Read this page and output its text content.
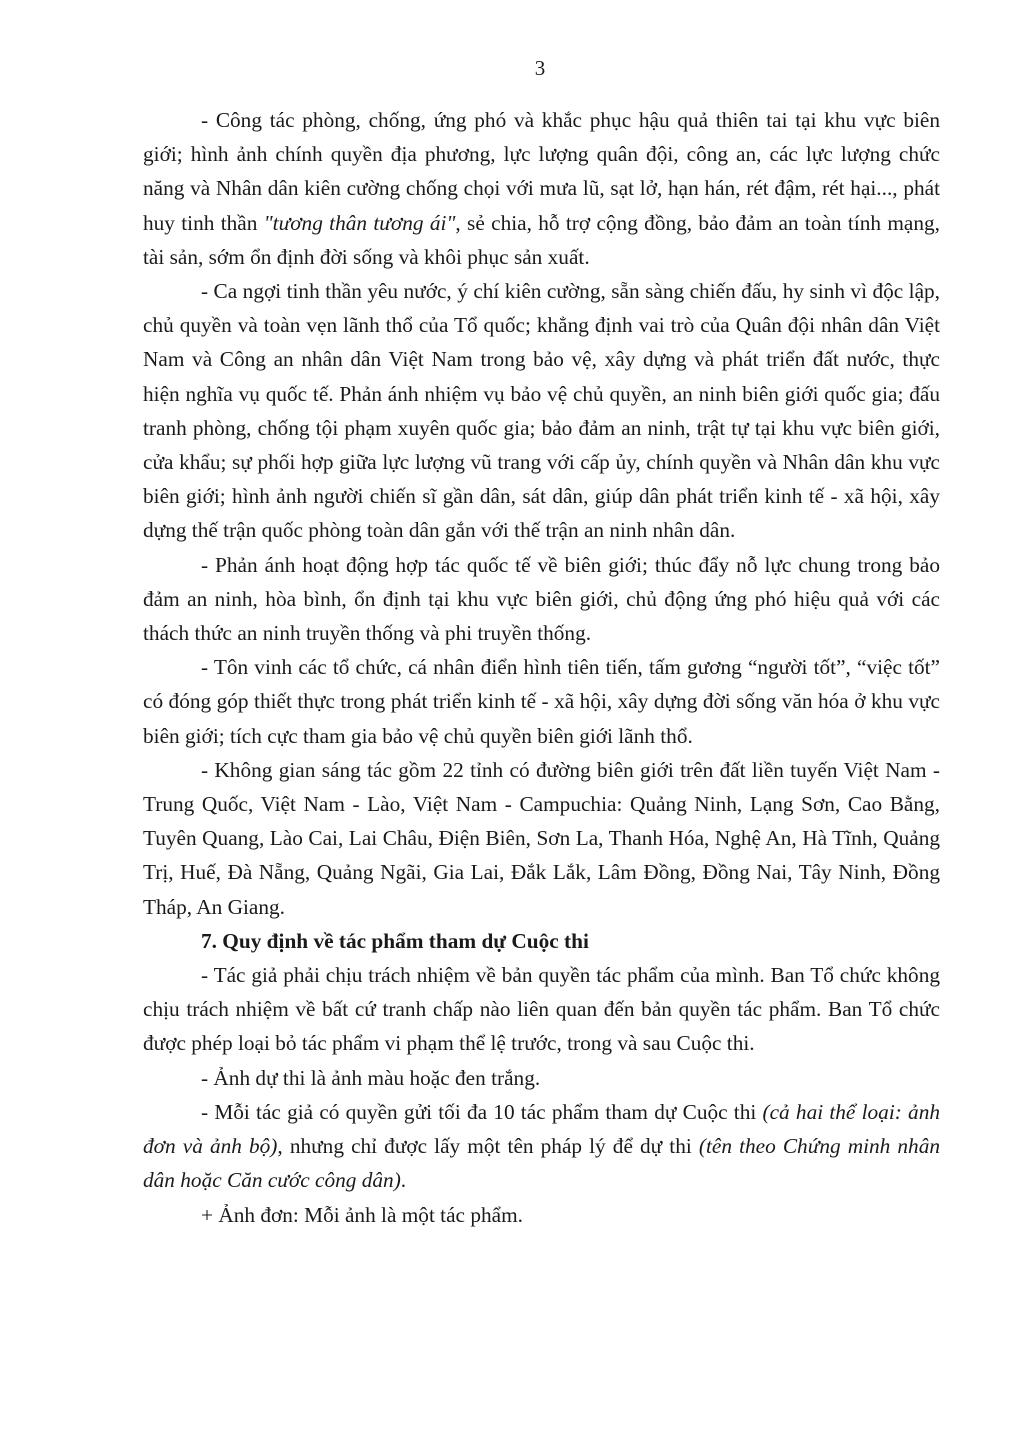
3

- Công tác phòng, chống, ứng phó và khắc phục hậu quả thiên tai tại khu vực biên giới; hình ảnh chính quyền địa phương, lực lượng quân đội, công an, các lực lượng chức năng và Nhân dân kiên cường chống chọi với mưa lũ, sạt lở, hạn hán, rét đậm, rét hại..., phát huy tinh thần "tương thân tương ái", sẻ chia, hỗ trợ cộng đồng, bảo đảm an toàn tính mạng, tài sản, sớm ổn định đời sống và khôi phục sản xuất.

- Ca ngợi tinh thần yêu nước, ý chí kiên cường, sẵn sàng chiến đấu, hy sinh vì độc lập, chủ quyền và toàn vẹn lãnh thổ của Tổ quốc; khẳng định vai trò của Quân đội nhân dân Việt Nam và Công an nhân dân Việt Nam trong bảo vệ, xây dựng và phát triển đất nước, thực hiện nghĩa vụ quốc tế. Phản ánh nhiệm vụ bảo vệ chủ quyền, an ninh biên giới quốc gia; đấu tranh phòng, chống tội phạm xuyên quốc gia; bảo đảm an ninh, trật tự tại khu vực biên giới, cửa khẩu; sự phối hợp giữa lực lượng vũ trang với cấp ủy, chính quyền và Nhân dân khu vực biên giới; hình ảnh người chiến sĩ gần dân, sát dân, giúp dân phát triển kinh tế - xã hội, xây dựng thế trận quốc phòng toàn dân gắn với thế trận an ninh nhân dân.

- Phản ánh hoạt động hợp tác quốc tế về biên giới; thúc đẩy nỗ lực chung trong bảo đảm an ninh, hòa bình, ổn định tại khu vực biên giới, chủ động ứng phó hiệu quả với các thách thức an ninh truyền thống và phi truyền thống.

- Tôn vinh các tổ chức, cá nhân điển hình tiên tiến, tấm gương “người tốt”, “việc tốt” có đóng góp thiết thực trong phát triển kinh tế - xã hội, xây dựng đời sống văn hóa ở khu vực biên giới; tích cực tham gia bảo vệ chủ quyền biên giới lãnh thổ.

- Không gian sáng tác gồm 22 tỉnh có đường biên giới trên đất liền tuyến Việt Nam - Trung Quốc, Việt Nam - Lào, Việt Nam - Campuchia: Quảng Ninh, Lạng Sơn, Cao Bằng, Tuyên Quang, Lào Cai, Lai Châu, Điện Biên, Sơn La, Thanh Hóa, Nghệ An, Hà Tĩnh, Quảng Trị, Huế, Đà Nẵng, Quảng Ngãi, Gia Lai, Đắk Lắk, Lâm Đồng, Đồng Nai, Tây Ninh, Đồng Tháp, An Giang.

7. Quy định về tác phẩm tham dự Cuộc thi

- Tác giả phải chịu trách nhiệm về bản quyền tác phẩm của mình. Ban Tổ chức không chịu trách nhiệm về bất cứ tranh chấp nào liên quan đến bản quyền tác phẩm. Ban Tổ chức được phép loại bỏ tác phẩm vi phạm thể lệ trước, trong và sau Cuộc thi.

- Ảnh dự thi là ảnh màu hoặc đen trắng.

- Mỗi tác giả có quyền gửi tối đa 10 tác phẩm tham dự Cuộc thi (cả hai thể loại: ảnh đơn và ảnh bộ), nhưng chỉ được lấy một tên pháp lý để dự thi (tên theo Chứng minh nhân dân hoặc Căn cước công dân).

+ Ảnh đơn: Mỗi ảnh là một tác phẩm.
